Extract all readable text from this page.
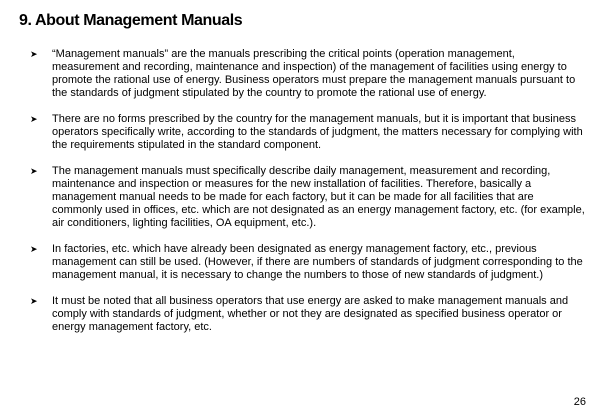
9. About Management Manuals
➤ “Management manuals” are the manuals prescribing the critical points (operation management, measurement and recording, maintenance and inspection) of the management of facilities using energy to promote the rational use of energy. Business operators must prepare the management manuals pursuant to the standards of judgment stipulated by the country to promote the rational use of energy.
➤ There are no forms prescribed by the country for the management manuals, but it is important that business operators specifically write, according to the standards of judgment, the matters necessary for complying with the requirements stipulated in the standard component.
➤ The management manuals must specifically describe daily management, measurement and recording, maintenance and inspection or measures for the new installation of facilities. Therefore, basically a management manual needs to be made for each factory, but it can be made for all facilities that are commonly used in offices, etc. which are not designated as an energy management factory, etc. (for example, air conditioners, lighting facilities, OA equipment, etc.).
➤ In factories, etc. which have already been designated as energy management factory, etc., previous management can still be used. (However, if there are numbers of standards of judgment corresponding to the management manual, it is necessary to change the numbers to those of new standards of judgment.)
➤ It must be noted that all business operators that use energy are asked to make management manuals and comply with standards of judgment, whether or not they are designated as specified business operator or energy management factory, etc.
26
